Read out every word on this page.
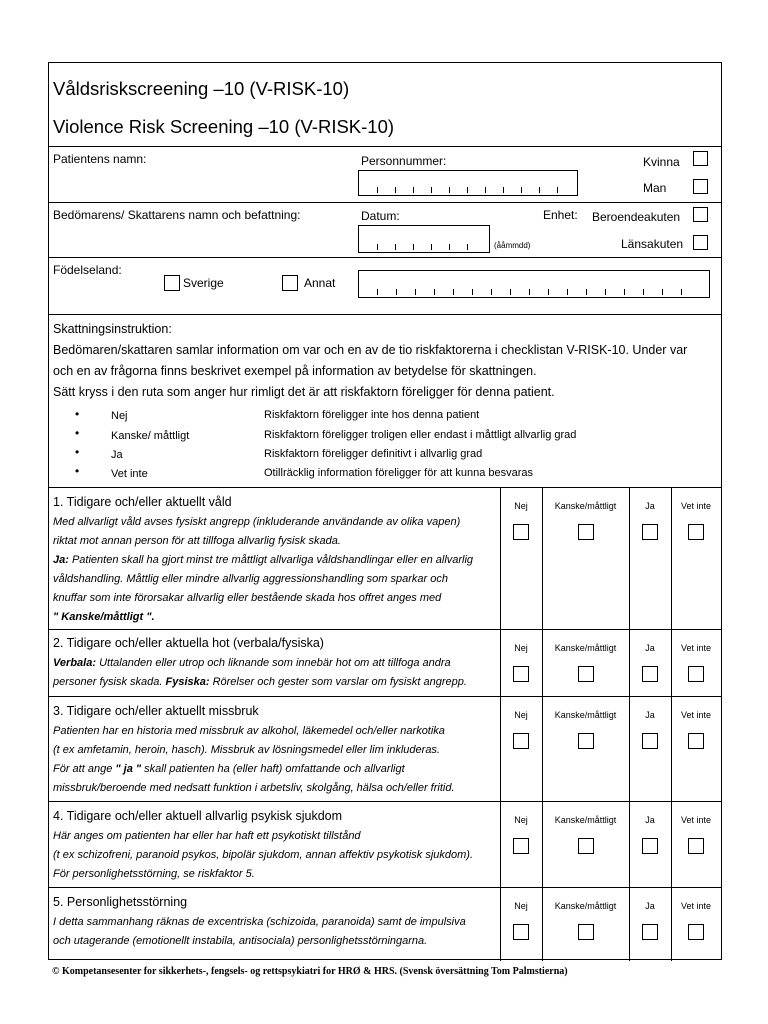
Våldsriskscreening –10 (V-RISK-10)
Violence Risk Screening –10 (V-RISK-10)
Patientens namn:	Personnummer:	Kvinna
Man
Bedömarens/ Skattarens namn och befattning:	Datum:
(ååmmdd)
Enhet: Beroendeakuten
Länsakuten
Födelseland:
Sverige	Annat
Skattningsinstruktion:
Bedömaren/skattaren samlar information om var och en av de tio riskfaktorerna i checklistan V-RISK-10. Under var
och en av frågorna finns beskrivet exempel på information av betydelse för skattningen.
Sätt kryss i den ruta som anger hur rimligt det är att riskfaktorn föreligger för denna patient.
•	Nej	Riskfaktorn föreligger inte hos denna patient
•	Kanske/ måttligt	Riskfaktorn föreligger troligen eller endast i måttligt allvarlig grad
•	Ja	Riskfaktorn föreligger definitivt i allvarlig grad
•	Vet inte	Otillräcklig information föreligger för att kunna besvaras
1. Tidigare och/eller aktuellt våld
Med allvarligt våld avses fysiskt angrepp (inkluderande användande av olika vapen)
riktat mot annan person för att tillfoga allvarlig fysisk skada.
Ja: Patienten skall ha gjort minst tre måttligt allvarliga våldshandlingar eller en allvarlig
våldshandling. Måttlig eller mindre allvarlig aggressionshandling som sparkar och
knuffar som inte förorsakar allvarlig eller bestående skada hos offret anges med
" Kanske/måttligt ".
2. Tidigare och/eller aktuella hot (verbala/fysiska)
Verbala: Uttalanden eller utrop och liknande som innebär hot om att tillfoga andra
personer fysisk skada. Fysiska: Rörelser och gester som varslar om fysiskt angrepp.
3. Tidigare och/eller aktuellt missbruk
Patienten har en historia med missbruk av alkohol, läkemedel och/eller narkotika
(t ex amfetamin, heroin, hasch). Missbruk av lösningsmedel eller lim inkluderas.
För att ange " ja " skall patienten ha (eller haft) omfattande och allvarligt
missbruk/beroende med nedsatt funktion i arbetsliv, skolgång, hälsa och/eller fritid.
4. Tidigare och/eller aktuell allvarlig psykisk sjukdom
Här anges om patienten har eller har haft ett psykotiskt tillstånd
(t ex schizofreni, paranoid psykos, bipolär sjukdom, annan affektiv psykotisk sjukdom).
För personlighetsstörning, se riskfaktor 5.
5. Personlighetsstörning
I detta sammanhang räknas de excentriska (schizoida, paranoida) samt de impulsiva
och utagerande (emotionellt instabila, antisociala) personlighetsstörningarna.
Nej	Kanske/måttligt	Ja	Vet inte
Nej	Kanske/måttligt	Ja	Vet inte
Nej	Kanske/måttligt	Ja	Vet inte
Nej	Kanske/måttligt	Ja	Vet inte
Nej	Kanske/måttligt	Ja	Vet inte
© Kompetansesenter for sikkerhets-, fengsels- og rettspsykiatri for HRØ & HRS. (Svensk översättning Tom Palmstierna)
